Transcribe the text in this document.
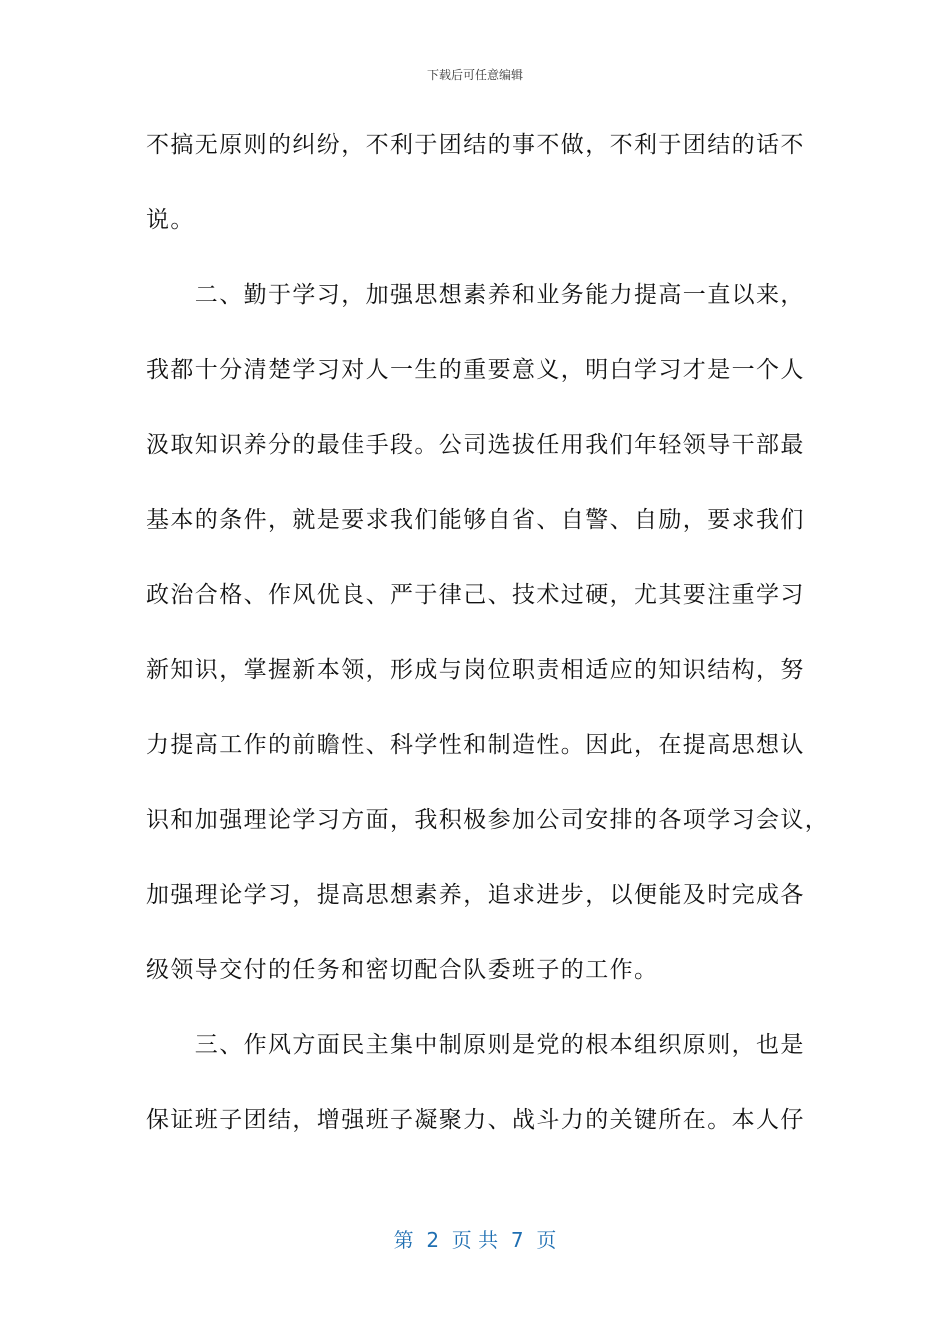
下载后可任意编辑
不搞无原则的纠纷，不利于团结的事不做，不利于团结的话不
说。
　　二、勤于学习，加强思想素养和业务能力提高一直以来，
我都十分清楚学习对人一生的重要意义，明白学习才是一个人
汲取知识养分的最佳手段。公司选拔任用我们年轻领导干部最
基本的条件，就是要求我们能够自省、自警、自励，要求我们
政治合格、作风优良、严于律己、技术过硬，尤其要注重学习
新知识，掌握新本领，形成与岗位职责相适应的知识结构，努
力提高工作的前瞻性、科学性和制造性。因此，在提高思想认
识和加强理论学习方面，我积极参加公司安排的各项学习会议，
加强理论学习，提高思想素养，追求进步，以便能及时完成各
级领导交付的任务和密切配合队委班子的工作。
　　三、作风方面民主集中制原则是党的根本组织原则，也是
保证班子团结，增强班子凝聚力、战斗力的关键所在。本人仔
第  2  页 共  7  页
